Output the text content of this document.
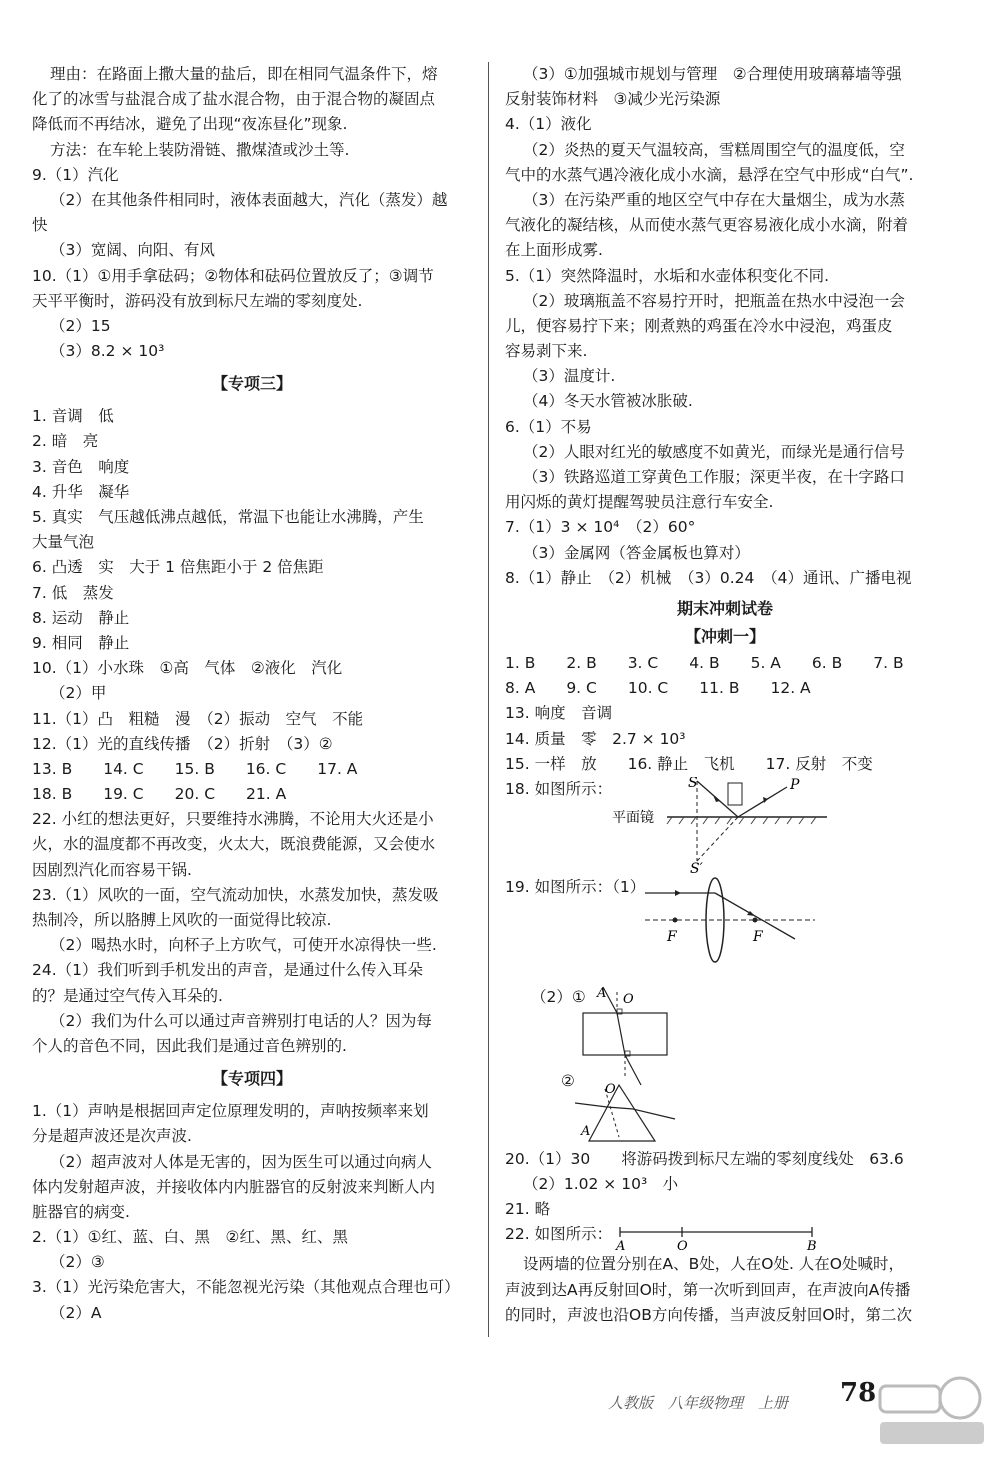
理由：在路面上撒大量的盐后，即在相同气温条件下，熔
化了的冰雪与盐混合成了盐水混合物，由于混合物的凝固点
降低而不再结冰，避免了出现“夜冻昼化”现象.
方法：在车轮上装防滑链、撒煤渣或沙土等.
9.（1）汽化
（2）在其他条件相同时，液体表面越大，汽化（蒸发）越
快
（3）宽阔、向阳、有风
10.（1）①用手拿砝码；②物体和砝码位置放反了；③调节
天平平衡时，游码没有放到标尺左端的零刻度处.
（2）15
（3）8.2 × 10³
【专项三】
1. 音调　低
2. 暗　亮
3. 音色　响度
4. 升华　凝华
5. 真实　气压越低沸点越低，常温下也能让水沸腾，产生
大量气泡
6. 凸透　实　大于 1 倍焦距小于 2 倍焦距
7. 低　蒸发
8. 运动　静止
9. 相同　静止
10.（1）小水珠　①高　气体　②液化　汽化
（2）甲
11.（1）凸　粗糙　漫　（2）振动　空气　不能
12.（1）光的直线传播　（2）折射　（3）②
13. B　　14. C　　15. B　　16. C　　17. A
18. B　　19. C　　20. C　　21. A
22. 小红的想法更好，只要维持水沸腾，不论用大火还是小
火，水的温度都不再改变，火太大，既浪费能源，又会使水
因剧烈汽化而容易干锅.
23.（1）风吹的一面，空气流动加快，水蒸发加快，蒸发吸
热制冷，所以胳膊上风吹的一面觉得比较凉.
（2）喝热水时，向杯子上方吹气，可使开水凉得快一些.
24.（1）我们听到手机发出的声音，是通过什么传入耳朵
的？是通过空气传入耳朵的.
（2）我们为什么可以通过声音辨别打电话的人？因为每
个人的音色不同，因此我们是通过音色辨别的.
【专项四】
1.（1）声呐是根据回声定位原理发明的，声呐按频率来划
分是超声波还是次声波.
（2）超声波对人体是无害的，因为医生可以通过向病人
体内发射超声波，并接收体内内脏器官的反射波来判断人内
脏器官的病变.
2.（1）①红、蓝、白、黑　②红、黑、红、黑
（2）③
3.（1）光污染危害大，不能忽视光污染（其他观点合理也可）
（2）A
（3）①加强城市规划与管理　②合理使用玻璃幕墙等强
反射装饰材料　③减少光污染源
4.（1）液化
（2）炎热的夏天气温较高，雪糕周围空气的温度低，空
气中的水蒸气遇冷液化成小水滴，悬浮在空气中形成“白气”.
（3）在污染严重的地区空气中存在大量烟尘，成为水蒸
气液化的凝结核，从而使水蒸气更容易液化成小水滴，附着
在上面形成雾.
5.（1）突然降温时，水垢和水壶体积变化不同.
（2）玻璃瓶盖不容易拧开时，把瓶盖在热水中浸泡一会
儿，便容易拧下来；刚煮熟的鸡蛋在冷水中浸泡，鸡蛋皮
容易剥下来.
（3）温度计.
（4）冬天水管被冰胀破.
6.（1）不易
（2）人眼对红光的敏感度不如黄光，而绿光是通行信号
（3）铁路巡道工穿黄色工作服；深更半夜，在十字路口
用闪烁的黄灯提醒驾驶员注意行车安全.
7.（1）3 × 10⁴　（2）60°
（3）金属网（答金属板也算对）
8.（1）静止　（2）机械　（3）0.24　（4）通讯、广播电视
期末冲刺试卷
【冲刺一】
1. B　　2. B　　3. C　　4. B　　5. A　　6. B　　7. B
8. A　　9. C　　10. C　　11. B　　12. A
13. 响度　音调
14. 质量　零　2.7 × 10³
15. 一样　放　　16. 静止　飞机　　17. 反射　不变
18. 如图所示：
平面镜
S	P
S′
19. 如图所示：（1）
F	F
（2）①
②
A O
A
O
20.（1）30　　将游码拨到标尺左端的零刻度线处　63.6
（2）1.02 × 10³　小
21. 略
22. 如图所示：
A	O	B
设两墙的位置分别在A、B处，人在O处. 人在O处喊时，
声波到达A再反射回O时，第一次听到回声，在声波向A传播
的同时，声波也沿OB方向传播，当声波反射回O时，第二次
人教版　八年级物理　上册 78
